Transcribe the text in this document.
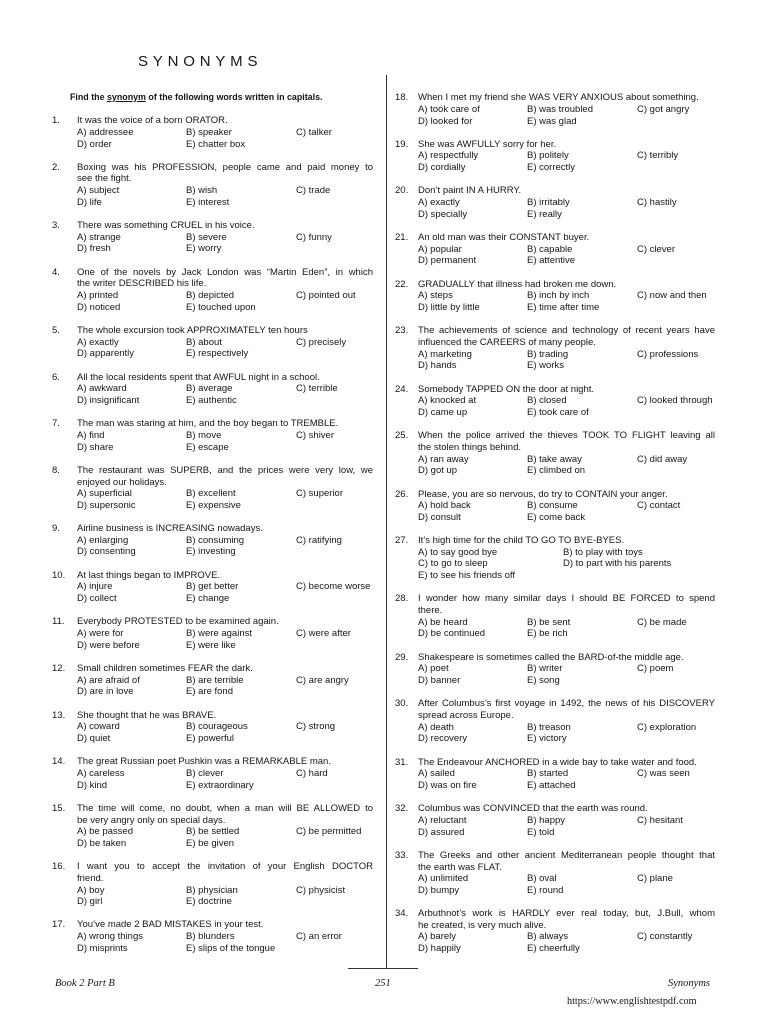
SYNONYMS
Find the synonym of the following words written in capitals.
1.	It was the voice of a born ORATOR.
A) addressee	B) speaker	C) talker
D) order	E) chatter box
2.	Boxing was his PROFESSION, people came and paid money to
see the fight.
A) subject	B) wish	C) trade
D) life	E) interest
3.	There was something CRUEL in his voice.
A) strange	B) severe	C) funny
D) fresh	E) worry
4.	One of the novels by Jack London was “Martin Eden”, in which
the writer DESCRIBED his life.
A) printed	B) depicted	C) pointed out
D) noticed	E) touched upon
5.	The whole excursion took APPROXIMATELY ten hours
A) exactly	B) about	C) precisely
D) apparently	E) respectively
6.	All the local residents spent that AWFUL night in a school.
A) awkward	B) average	C) terrible
D) insignificant	E) authentic
7.	The man was staring at him, and the boy began to TREMBLE.
A) find	B) move	C) shiver
D) share	E) escape
8.	The restaurant was SUPERB, and the prices were very low, we
enjoyed our holidays.
A) superficial	B) excellent	C) superior
D) supersonic	E) expensive
9.	Airline business is INCREASING nowadays.
A) enlarging	B) consuming	C) ratifying
D) consenting	E) investing
10.	At last things began to IMPROVE.
A) injure	B) get better	C) become worse
D) collect	E) change
11.	Everybody PROTESTED to be examined again.
A) were for	B) were against	C) were after
D) were before	E) were like
12.	Small children sometimes FEAR the dark.
A) are afraid of	B) are terrible	C) are angry
D) are in love	E) are fond
13.	She thought that he was BRAVE.
A) coward	B) courageous	C) strong
D) quiet	E) powerful
14.	The great Russian poet Pushkin was a REMARKABLE man.
A) careless	B) clever	C) hard
D) kind	E) extraordinary
15.	The time will come, no doubt, when a man will BE ALLOWED to
be very angry only on special days.
A) be passed	B) be settled	C) be permitted
D) be taken	E) be given
16.	I want you to accept the invitation of your English DOCTOR
friend.
A) boy	B) physician	C) physicist
D) girl	E) doctrine
17.	You’ve made 2 BAD MISTAKES in your test.
A) wrong things	B) blunders	C) an error
D) misprints	E) slips of the tongue
18.	When I met my friend she WAS VERY ANXIOUS about something.
A) took care of	B) was troubled	C) got angry
D) looked for	E) was glad
19.	She was AWFULLY sorry for her.
A) respectfully	B) politely	C) terribly
D) cordially	E) correctly
20.	Don’t paint IN A HURRY.
A) exactly	B) irritably	C) hastily
D) specially	E) really
21.	An old man was their CONSTANT buyer.
A) popular	B) capable	C) clever
D) permanent	E) attentive
22.	GRADUALLY that illness had broken me down.
A) steps	B) inch by inch	C) now and then
D) little by little	E) time after time
23.	The achievements of science and technology of recent years have
influenced the CAREERS of many people.
A) marketing	B) trading	C) professions
D) hands	E) works
24.	Somebody TAPPED ON the door at night.
A) knocked at	B) closed	C) looked through
D) came up	E) took care of
25.	When the police arrived the thieves TOOK TO FLIGHT leaving all
the stolen things behind.
A) ran away	B) take away	C) did away
D) got up	E) climbed on
26.	Please, you are so nervous, do try to CONTAIN your anger.
A) hold back	B) consume	C) contact
D) consult	E) come back
27.	It’s high time for the child TO GO TO BYE-BYES.
A) to say good bye	B) to play with toys
C) to go to sleep	D) to part with his parents
E) to see his friends off
28.	I wonder how many similar days I should BE FORCED to spend
there.
A) be heard	B) be sent	C) be made
D) be continued	E) be rich
29.	Shakespeare is sometimes called the BARD-of-the middle age.
A) poet	B) writer	C) poem
D) banner	E) song
30.	After Columbus’s first voyage in 1492, the news of his DISCOVERY
spread across Europe.
A) death	B) treason	C) exploration
D) recovery	E) victory
31.	The Endeavour ANCHORED in a wide bay to take water and food.
A) sailed	B) started	C) was seen
D) was on fire	E) attached
32.	Columbus was CONVINCED that the earth was round.
A) reluctant	B) happy	C) hesitant
D) assured	E) told
33.	The Greeks and other ancient Mediterranean people thought that
the earth was FLAT.
A) unlimited	B) oval	C) plane
D) bumpy	E) round
34.	Arbuthnot’s work is HARDLY ever real today, but, J.Bull, whom
he created, is very much alive.
A) barely	B) always	C) constantly
D) happily	E) cheerfully
Book 2 Part B	251	Synonyms
https://www.englishtestpdf.com
